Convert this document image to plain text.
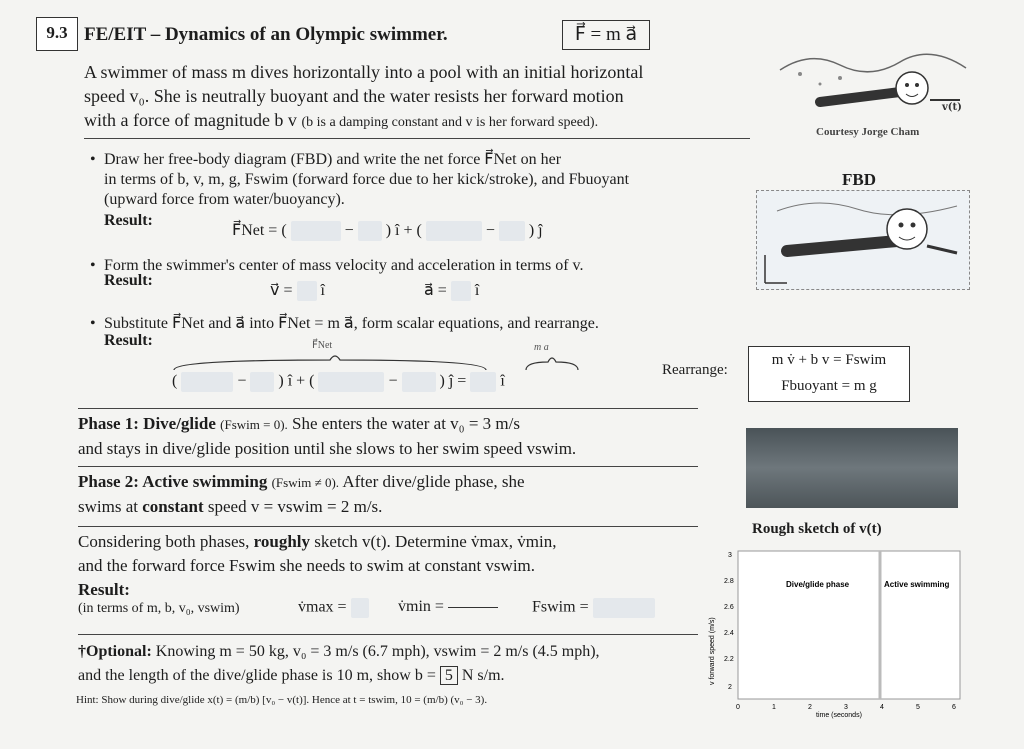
9.3 FE/EIT – Dynamics of an Olympic swimmer.	F⃗ = m a⃗
A swimmer of mass m dives horizontally into a pool with an initial horizontal
speed v₀. She is neutrally buoyant and the water resists her forward motion
with a force of magnitude b v (b is a damping constant and v is her forward speed).
v(t)
Courtesy Jorge Cham
• Draw her free-body diagram (FBD) and write the net force F⃗Net on her
in terms of b, v, m, g, Fswim (forward force due to her kick/stroke), and Fbuoyant
(upward force from water/buoyancy).
Result:
F⃗Net = (	− ) î + (	− ) ĵ
FBD
• Form the swimmer's center of mass velocity and acceleration in terms of v.
Result:
v⃗ = î	a⃗ = î
• Substitute F⃗Net and a⃗ into F⃗Net = m a⃗, form scalar equations, and rearrange.
Result:	F⃗Net	m a⃗
(	− ) î + (	−	) ĵ = î
Rearrange:
m v̇ + b v = Fswim
Fbuoyant = m g
Phase 1: Dive/glide (Fswim = 0). She enters the water at v₀ = 3 m/s
and stays in dive/glide position until she slows to her swim speed vswim.
Phase 2: Active swimming (Fswim ≠ 0). After dive/glide phase, she
swims at constant speed v = vswim = 2 m/s.
Considering both phases, roughly sketch v(t). Determine v̇max, v̇min,
and the forward force Fswim she needs to swim at constant vswim.
Result:
(in terms of m, b, v₀, vswim)	v̇max =	v̇min =	Fswim =
†Optional: Knowing m = 50 kg, v₀ = 3 m/s (6.7 mph), vswim = 2 m/s (4.5 mph),
and the length of the dive/glide phase is 10 m, show b = 5 N s/m.
Hint: Show during dive/glide x(t) = (m/b) [v₀ − v(t)]. Hence at t = tswim, 10 = (m/b) (v₀ − 3).
Rough sketch of v(t)
Dive/glide phase	Active swimming
3
2.8
2.6
2.4
2.2
2
0	1	2	3	4	5	6
time (seconds)
v forward speed (m/s)
